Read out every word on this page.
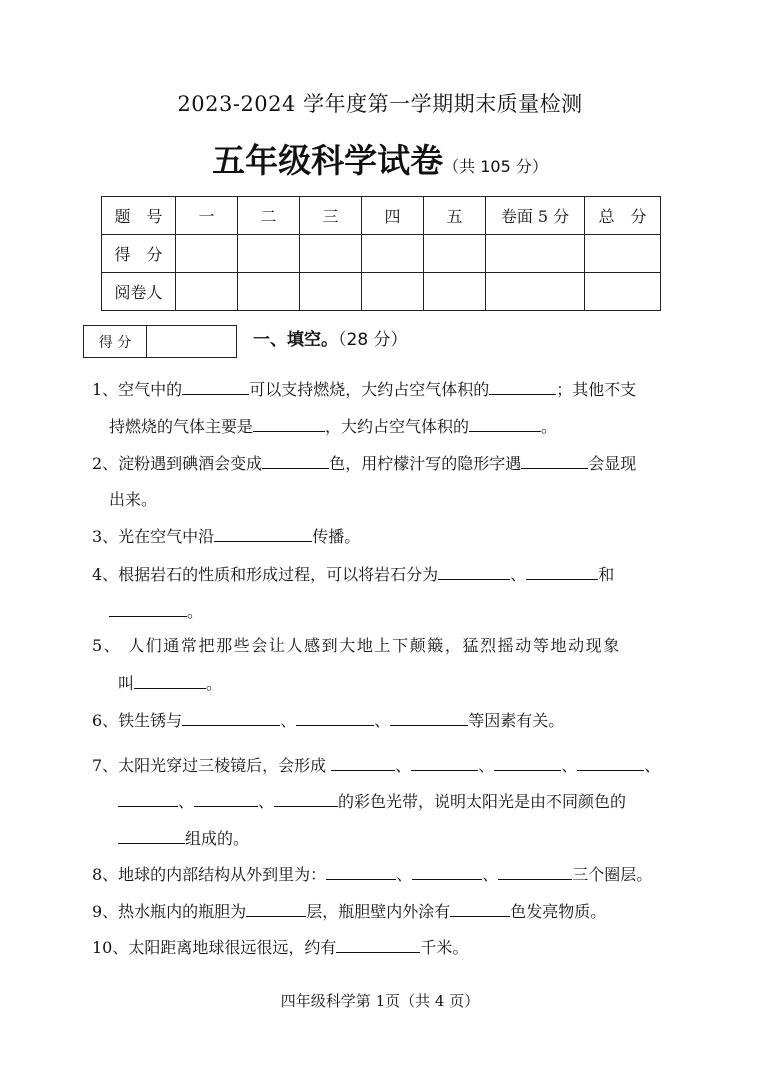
2023-2024 学年度第一学期期末质量检测
五年级科学试卷（共 105 分）
题　号	一	二	三	四	五	卷面 5 分	总　分
得　分							
阅卷人							
得 分	一、填空。（28 分）
1、空气中的	可以支持燃烧，大约占空气体积的	；其他不支
持燃烧的气体主要是	，大约占空气体积的	。
2、淀粉遇到碘酒会变成	色，用柠檬汁写的隐形字遇	会显现
出来。
3、光在空气中沿	传播。
4、根据岩石的性质和形成过程，可以将岩石分为	、	和
。
5、 人们通常把那些会让人感到大地上下颠簸，猛烈摇动等地动现象
叫	。
6、铁生锈与	、	、	等因素有关。
7、太阳光穿过三棱镜后，会形成	、	、	、	、
、	、	的彩色光带，说明太阳光是由不同颜色的
组成的。
8、地球的内部结构从外到里为：	、	、	三个圈层。
9、热水瓶内的瓶胆为	层，瓶胆壁内外涂有	色发亮物质。
10、太阳距离地球很远很远，约有	千米。
四年级科学第 1页（共 4 页）
